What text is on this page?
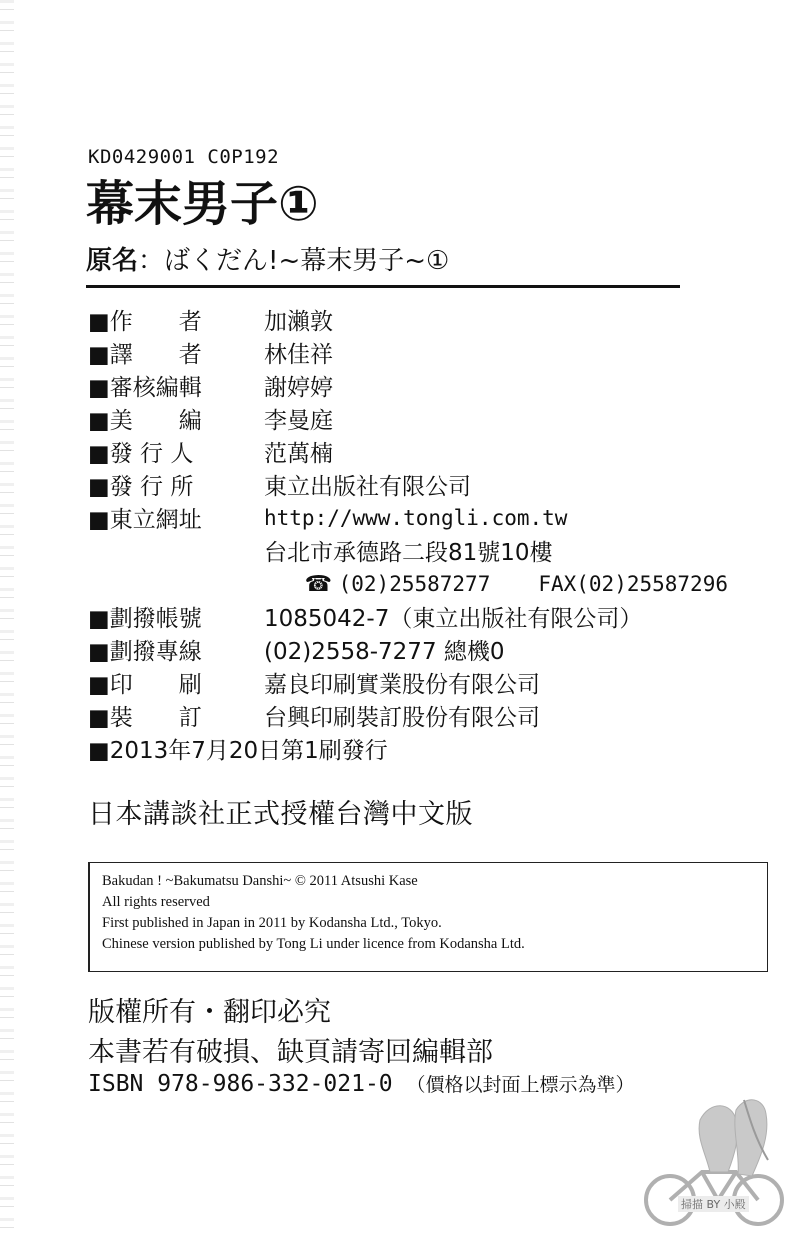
KD0429001 C0P192
幕末男子①
原名：ばくだん!~幕末男子~①
■作　　者	加瀨敦
■譯　　者	林佳祥
■審核編輯	謝婷婷
■美　　編	李曼庭
■發 行 人	范萬楠
■發 行 所	東立出版社有限公司
■東立網址	http://www.tongli.com.tw
台北市承德路二段81號10樓

☎ (02)25587277 FAX(02)25587296

■劃撥帳號	1085042-7（東立出版社有限公司）
■劃撥專線	(02)2558-7277 總機0
■印　　刷	嘉良印刷實業股份有限公司
■裝　　訂	台興印刷裝訂股份有限公司
■2013年7月20日第1刷發行
日本講談社正式授權台灣中文版
Bakudan ! ~Bakumatsu Danshi~ © 2011 Atsushi Kase
All rights reserved
First published in Japan in 2011 by Kodansha Ltd., Tokyo.
Chinese version published by Tong Li under licence from Kodansha Ltd.
版權所有・翻印必究
本書若有破損、缺頁請寄回編輯部
ISBN 978-986-332-021-0 （價格以封面上標示為準）
掃描 BY 小殿
